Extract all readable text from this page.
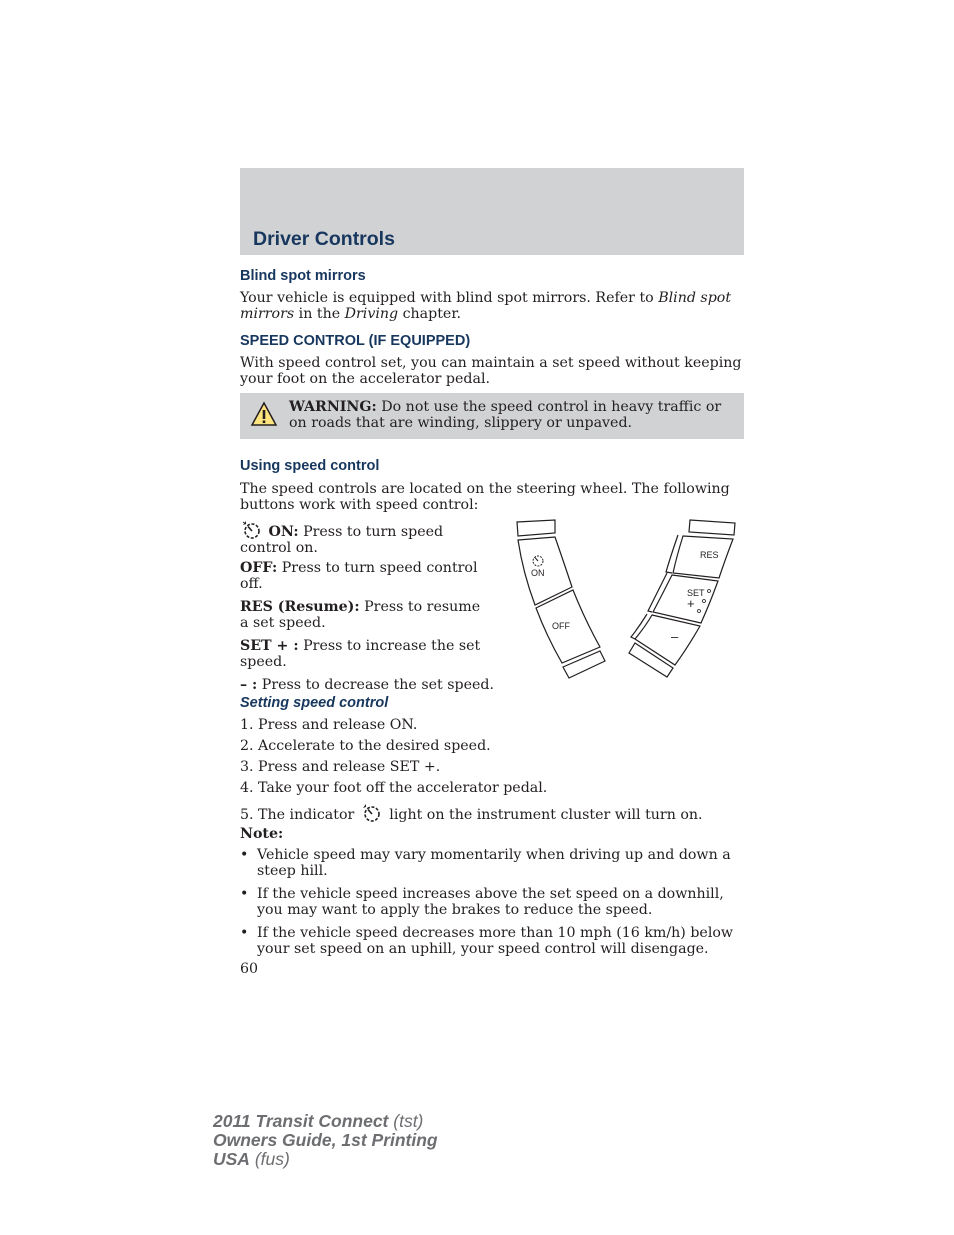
Driver Controls
Blind spot mirrors
Your vehicle is equipped with blind spot mirrors. Refer to Blind spot mirrors in the Driving chapter.
SPEED CONTROL (IF EQUIPPED)
With speed control set, you can maintain a set speed without keeping your foot on the accelerator pedal.
WARNING: Do not use the speed control in heavy traffic or on roads that are winding, slippery or unpaved.
Using speed control
The speed controls are located on the steering wheel. The following buttons work with speed control:
ON: Press to turn speed control on.
OFF: Press to turn speed control off.
RES (Resume): Press to resume a set speed.
SET + : Press to increase the set speed.
– : Press to decrease the set speed.
ON
OFF
RES
SET
+
–
Setting speed control
1. Press and release ON.
2. Accelerate to the desired speed.
3. Press and release SET +.
4. Take your foot off the accelerator pedal.
5. The indicator  light on the instrument cluster will turn on.
Note:
• Vehicle speed may vary momentarily when driving up and down a steep hill.
• If the vehicle speed increases above the set speed on a downhill, you may want to apply the brakes to reduce the speed.
• If the vehicle speed decreases more than 10 mph (16 km/h) below your set speed on an uphill, your speed control will disengage.
60
2011 Transit Connect (tst)
Owners Guide, 1st Printing
USA (fus)
